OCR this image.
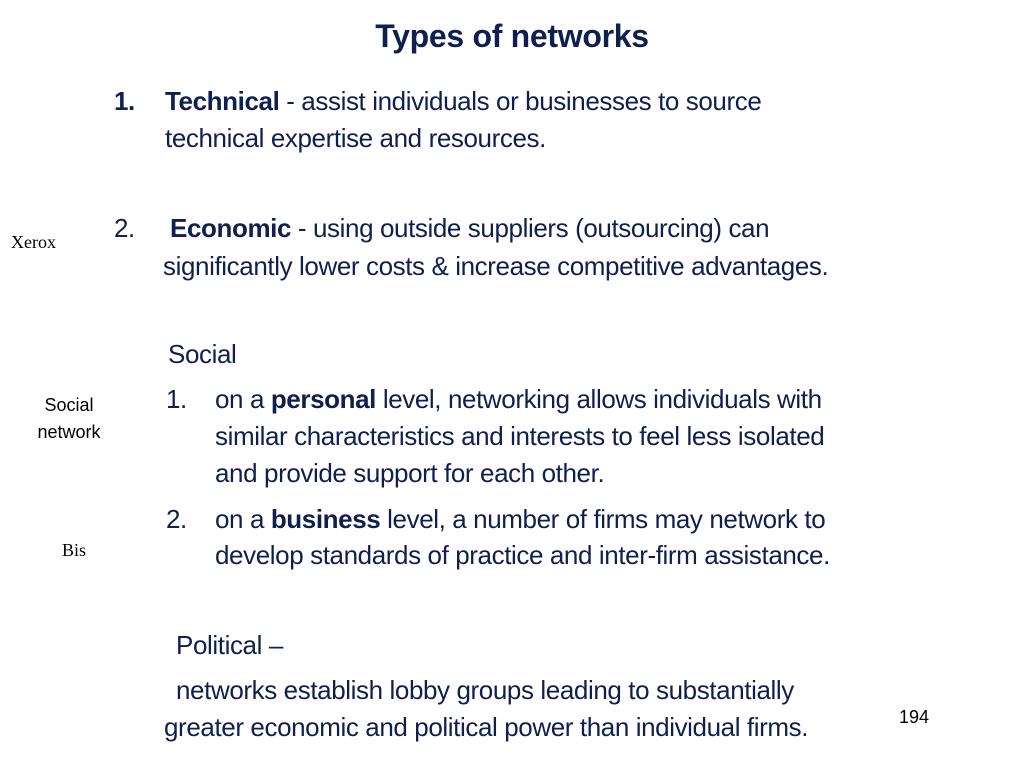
Types of networks
1. Technical - assist individuals or businesses to source
technical expertise and resources.
2. Economic - using outside suppliers (outsourcing) can
significantly lower costs & increase competitive advantages.
Social
1. on a personal level, networking allows individuals with
similar characteristics and interests to feel less isolated
and provide support for each other.
2. on a business level, a number of firms may network to
develop standards of practice and inter-firm assistance.
Political –
networks establish lobby groups leading to substantially
greater economic and political power than individual firms.
Xerox
Social
network
Bis
194
